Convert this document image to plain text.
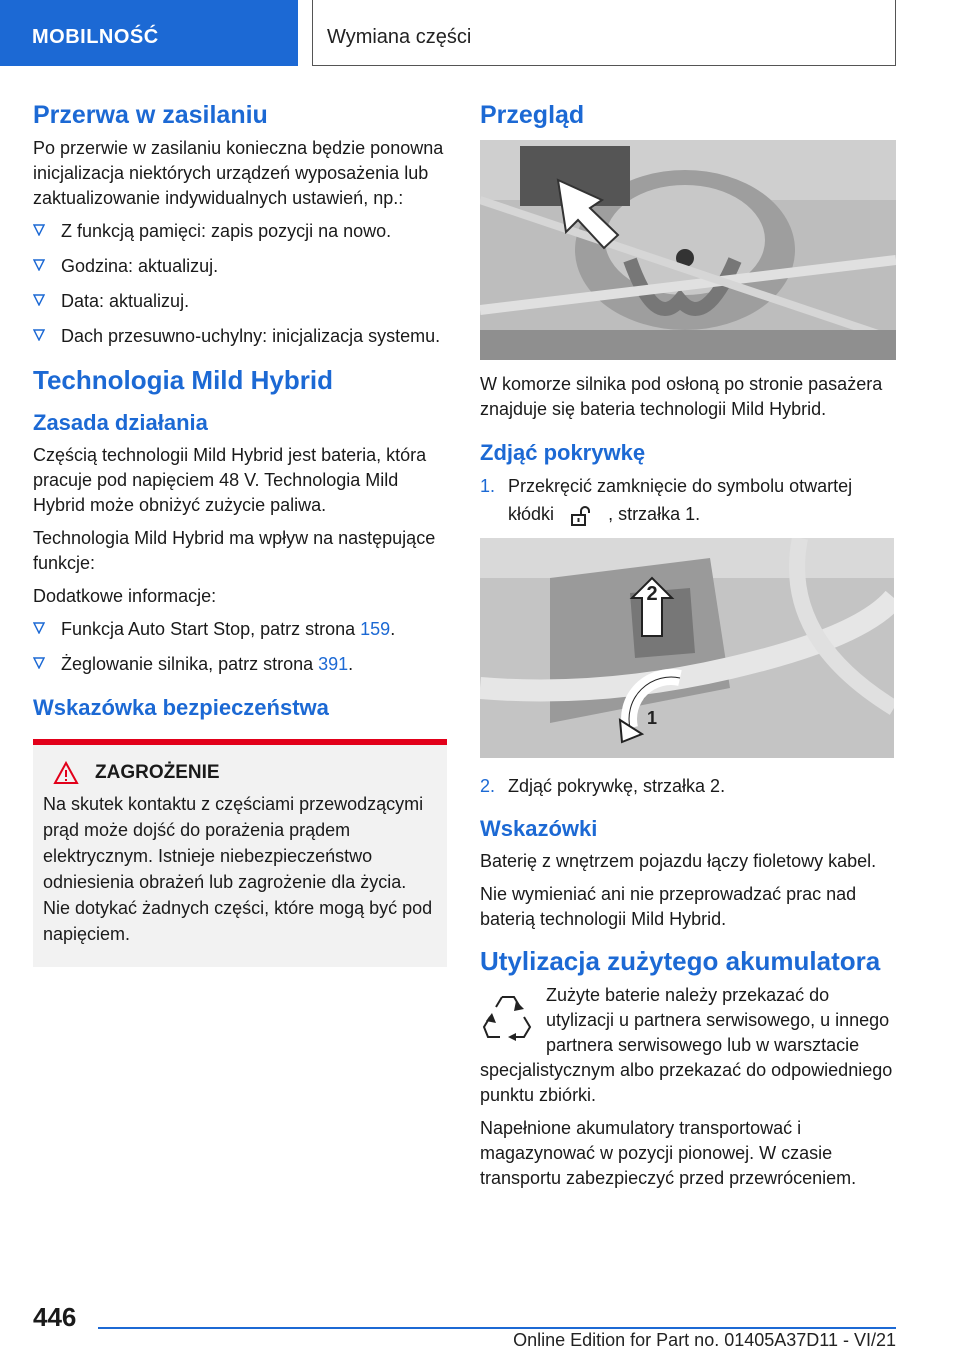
MOBILNOŚĆ	Wymiana części
Przerwa w zasilaniu

Po przerwie w zasilaniu konieczna będzie ponowna inicjalizacja niektórych urządzeń wyposażenia lub zaktualizowanie indywidualnych ustawień, np.:

Z funkcją pamięci: zapis pozycji na nowo.
Godzina: aktualizuj.
Data: aktualizuj.
Dach przesuwno-uchylny: inicjalizacja systemu.
Technologia Mild Hybrid
Zasada działania

Częścią technologii Mild Hybrid jest bateria, która pracuje pod napięciem 48 V. Technologia Mild Hybrid może obniżyć zużycie paliwa.

Technologia Mild Hybrid ma wpływ na następujące funkcje:

Dodatkowe informacje:

Funkcja Auto Start Stop, patrz strona 159.
Żeglowanie silnika, patrz strona 391.
Wskazówka bezpieczeństwa
ZAGROŻENIE

Na skutek kontaktu z częściami przewodzącymi prąd może dojść do porażenia prądem elektrycznym. Istnieje niebezpieczeństwo odniesienia obrażeń lub zagrożenie dla życia. Nie dotykać żadnych części, które mogą być pod napięciem.

Przegląd

W komorze silnika pod osłoną po stronie pasażera znajduje się bateria technologii Mild Hybrid.

Zdjąć pokrywkę
1. Przekręcić zamknięcie do symbolu otwartej kłódki	, strzałka 1.
2
1
2. Zdjąć pokrywkę, strzałka 2.
Wskazówki

Baterię z wnętrzem pojazdu łączy fioletowy kabel.

Nie wymieniać ani nie przeprowadzać prac nad baterią technologii Mild Hybrid.

Utylizacja zużytego akumulatora

Zużyte baterie należy przekazać do utylizacji u partnera serwisowego, u innego partnera serwisowego lub w warsztacie specjalistycznym albo przekazać do odpowiedniego punktu zbiórki.

Napełnione akumulatory transportować i magazynować w pozycji pionowej. W czasie transportu zabezpieczyć przed przewróceniem.

446
Online Edition for Part no. 01405A37D11 - VI/21
